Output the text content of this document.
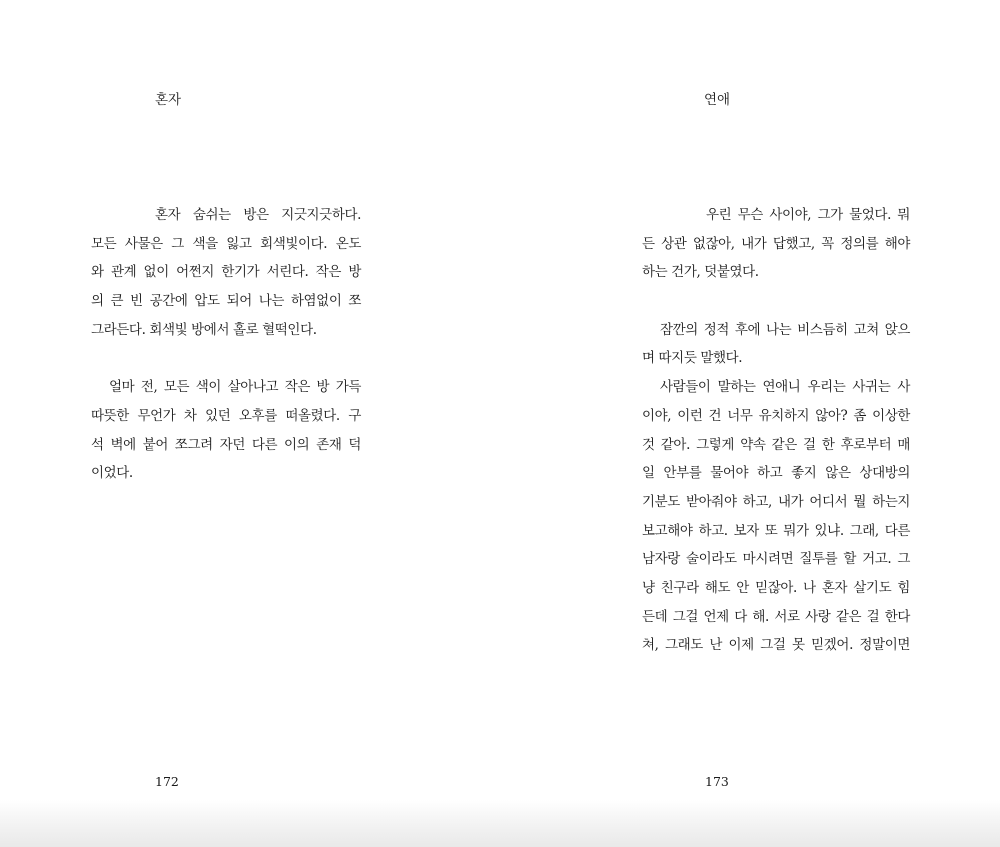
혼자
혼자 숨쉬는 방은 지긋지긋하다.
모든 사물은 그 색을 잃고 회색빛이다. 온도
와 관계 없이 어쩐지 한기가 서린다. 작은 방
의 큰 빈 공간에 압도 되어 나는 하염없이 쪼
그라든다. 회색빛 방에서 홀로 혈떡인다.
얼마 전, 모든 색이 살아나고 작은 방 가득
따뜻한 무언가 차 있던 오후를 떠올렸다. 구
석 벽에 붙어 쪼그려 자던 다른 이의 존재 덕
이었다.
172
연애
우린 무슨 사이야, 그가 물었다. 뭐
든 상관 없잖아, 내가 답했고, 꼭 정의를 해야
하는 건가, 덧붙였다.
잠깐의 정적 후에 나는 비스듬히 고쳐 앉으
며 따지듯 말했다.
사람들이 말하는 연애니 우리는 사귀는 사
이야, 이런 건 너무 유치하지 않아? 좀 이상한
것 같아. 그렇게 약속 같은 걸 한 후로부터 매
일 안부를 물어야 하고 좋지 않은 상대방의
기분도 받아줘야 하고, 내가 어디서 뭘 하는지
보고해야 하고. 보자 또 뭐가 있냐. 그래, 다른
남자랑 술이라도 마시려면 질투를 할 거고. 그
냥 친구라 해도 안 믿잖아. 나 혼자 살기도 힘
든데 그걸 언제 다 해. 서로 사랑 같은 걸 한다
쳐, 그래도 난 이제 그걸 못 믿겠어. 정말이면
173
